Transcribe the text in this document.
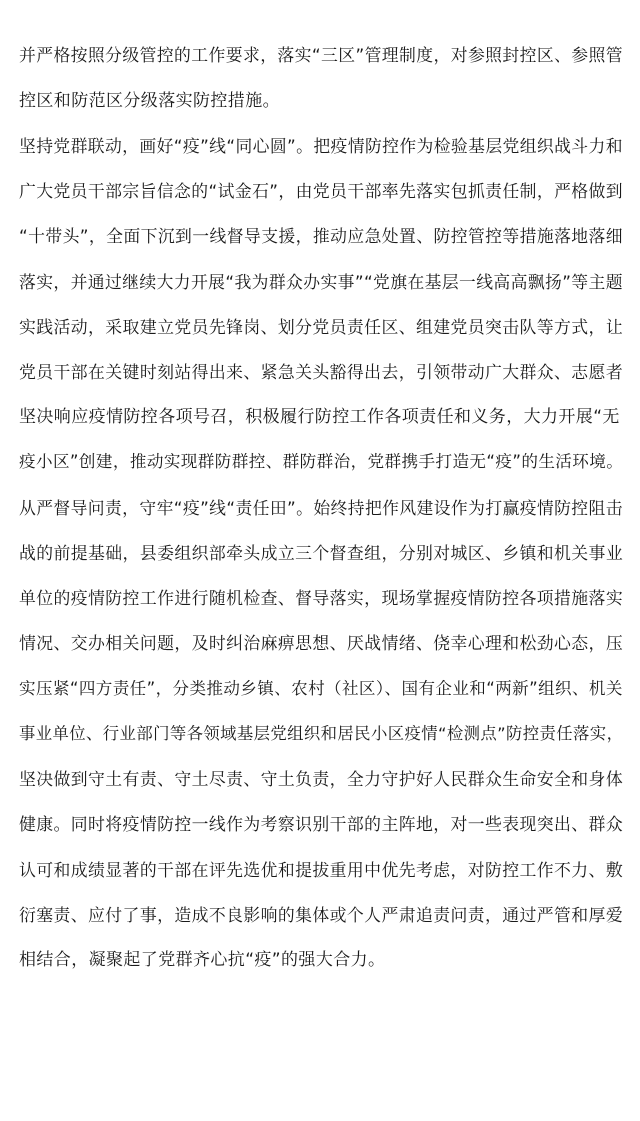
并严格按照分级管控的工作要求，落实“三区”管理制度，对参照封控区、参照管
控区和防范区分级落实防控措施。
坚持党群联动，画好“疫”线“同心圆”。把疫情防控作为检验基层党组织战斗力和
广大党员干部宗旨信念的“试金石”，由党员干部率先落实包抓责任制，严格做到
“十带头”，全面下沉到一线督导支援，推动应急处置、防控管控等措施落地落细
落实，并通过继续大力开展“我为群众办实事”“党旗在基层一线高高飘扬”等主题
实践活动，采取建立党员先锋岗、划分党员责任区、组建党员突击队等方式，让
党员干部在关键时刻站得出来、紧急关头豁得出去，引领带动广大群众、志愿者
坚决响应疫情防控各项号召，积极履行防控工作各项责任和义务，大力开展“无
疫小区”创建，推动实现群防群控、群防群治，党群携手打造无“疫”的生活环境。
从严督导问责，守牢“疫”线“责任田”。始终持把作风建设作为打赢疫情防控阻击
战的前提基础，县委组织部牵头成立三个督查组，分别对城区、乡镇和机关事业
单位的疫情防控工作进行随机检查、督导落实，现场掌握疫情防控各项措施落实
情况、交办相关问题，及时纠治麻痹思想、厌战情绪、侥幸心理和松劲心态，压
实压紧“四方责任”，分类推动乡镇、农村（社区）、国有企业和“两新”组织、机关
事业单位、行业部门等各领域基层党组织和居民小区疫情“检测点”防控责任落实，
坚决做到守土有责、守土尽责、守土负责，全力守护好人民群众生命安全和身体
健康。同时将疫情防控一线作为考察识别干部的主阵地，对一些表现突出、群众
认可和成绩显著的干部在评先选优和提拔重用中优先考虑，对防控工作不力、敷
衍塞责、应付了事，造成不良影响的集体或个人严肃追责问责，通过严管和厚爱
相结合，凝聚起了党群齐心抗“疫”的强大合力。
